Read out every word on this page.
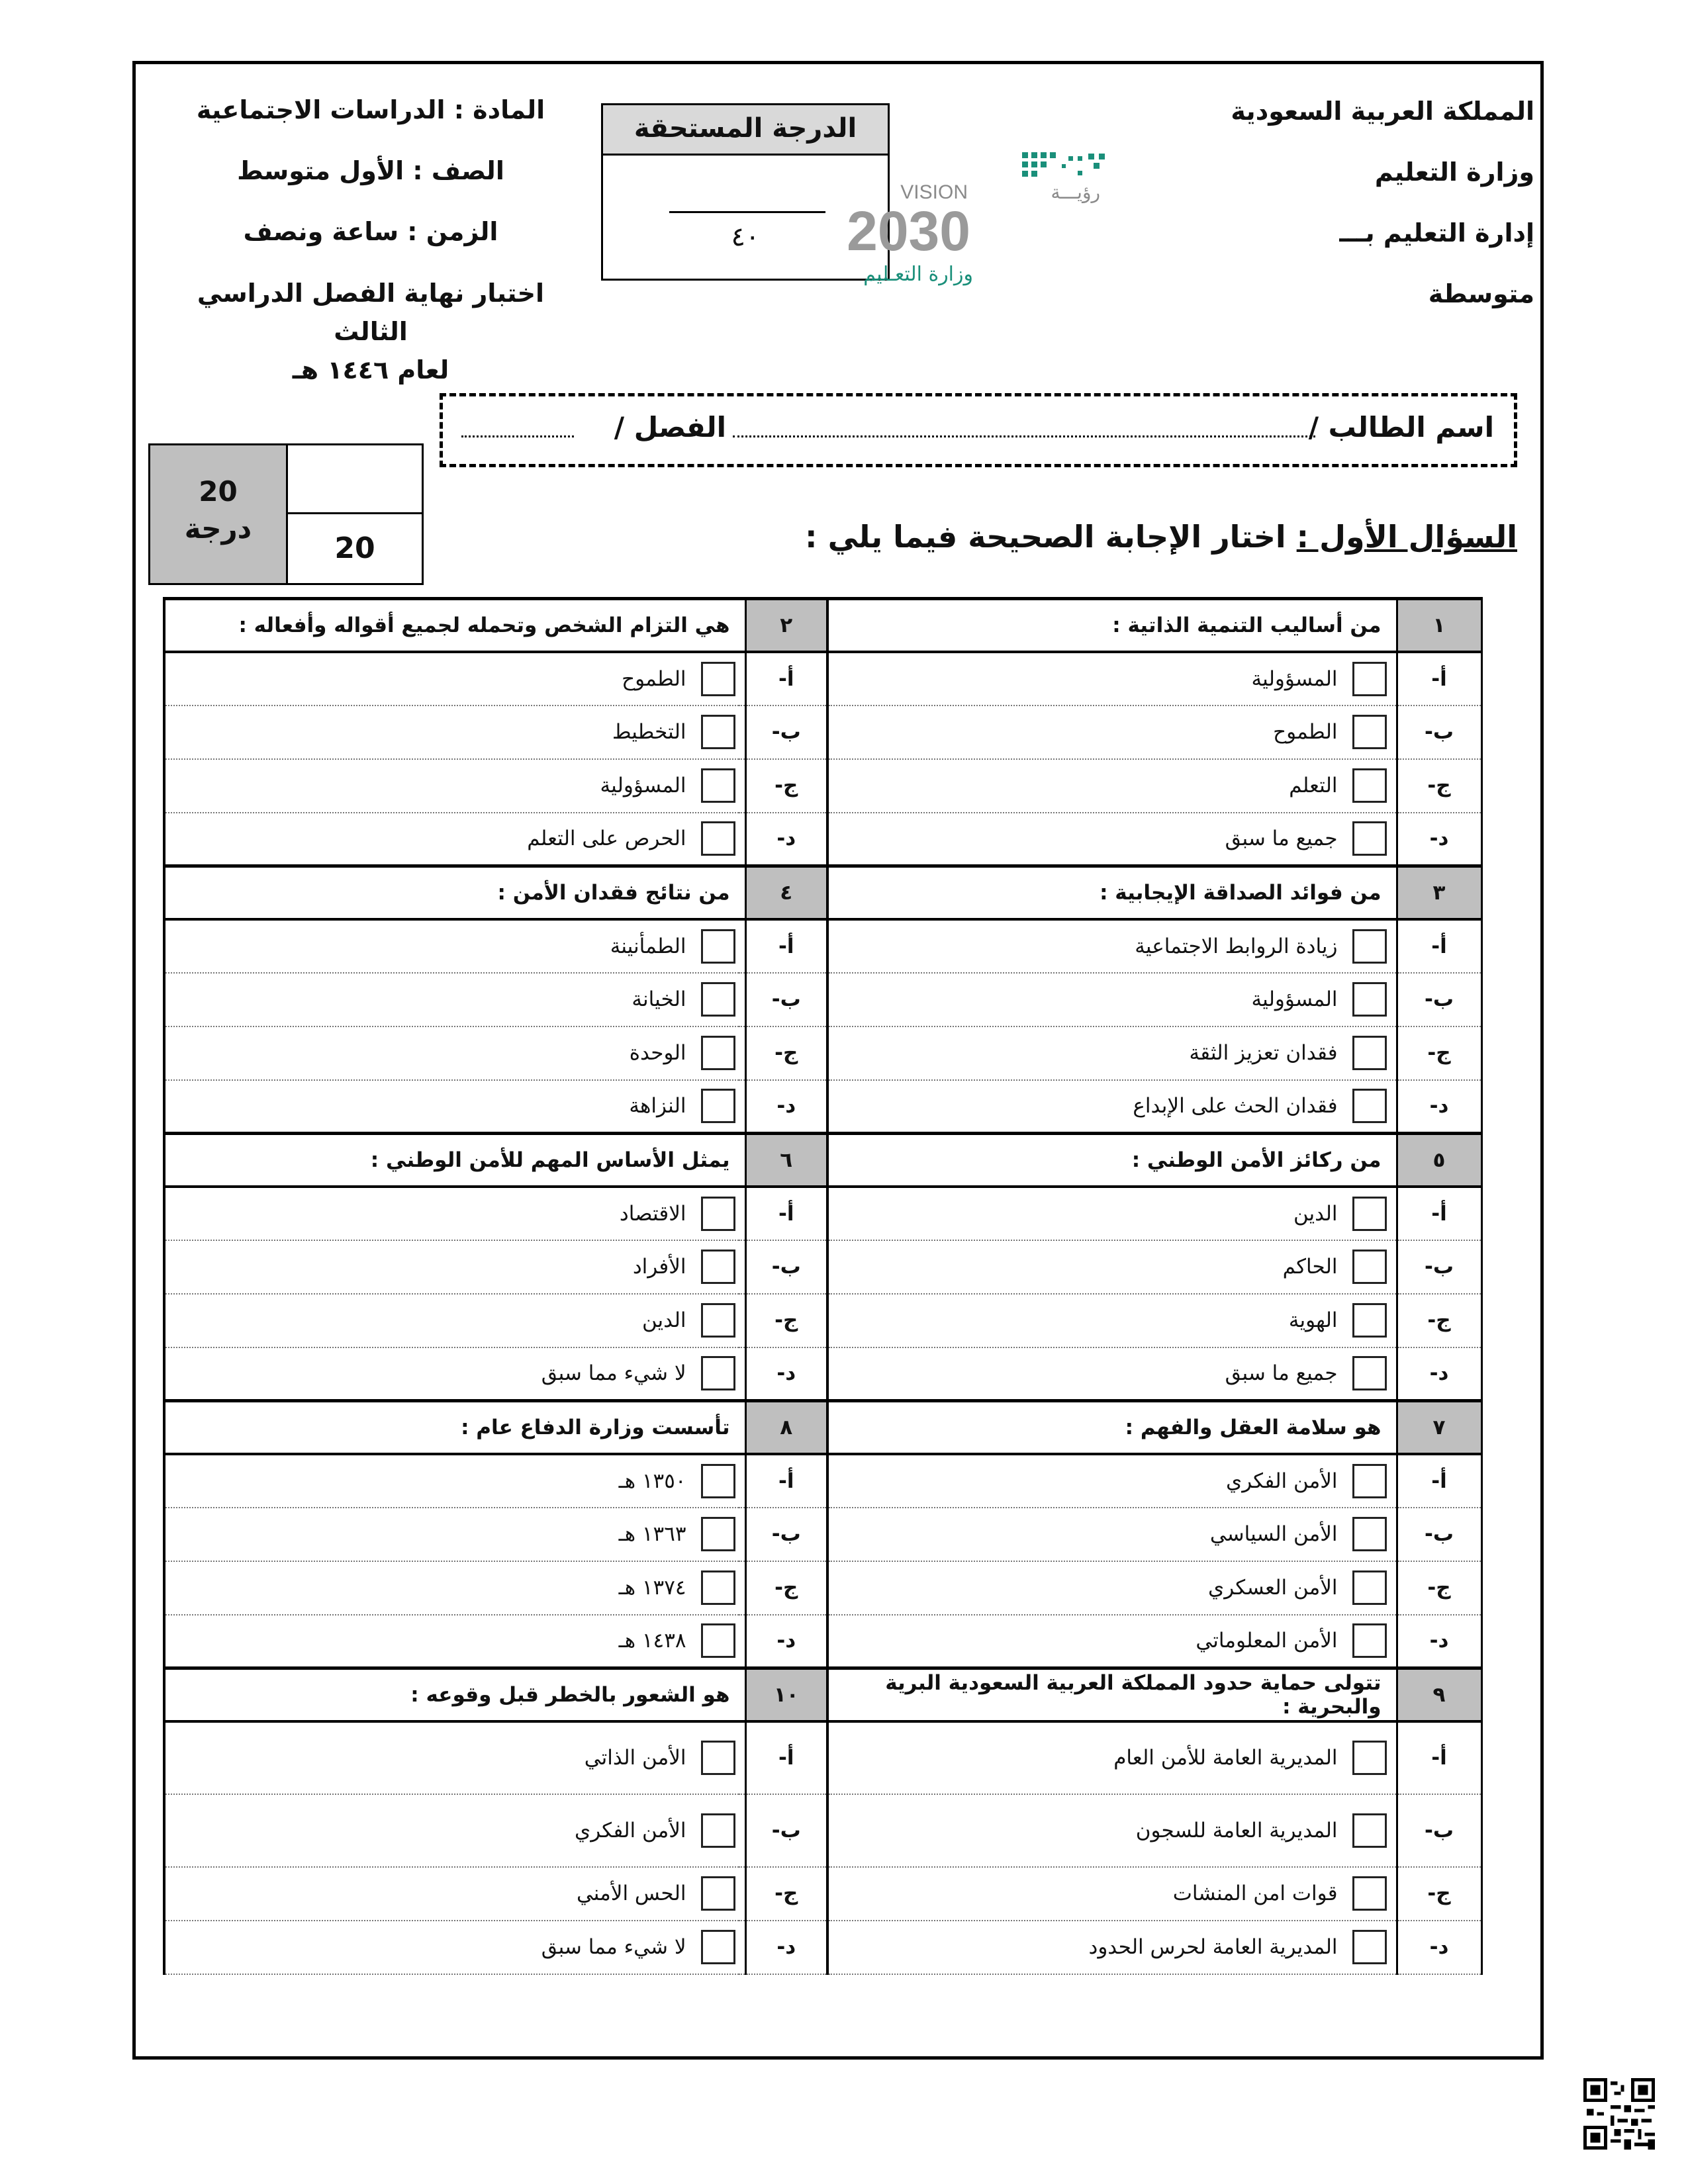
المملكة العربية السعودية
وزارة التعليم
إدارة التعليم بـــ
متوسطة
المادة : الدراسات الاجتماعية
الصف : الأول متوسط
الزمن : ساعة ونصف
اختبار نهاية الفصل الدراسي الثالث
لعام ١٤٤٦ هـ
الدرجة المستحقة
٤٠
VISION	رؤيـــة
2030
وزارة التعـليم
اسم الطالب /
الفصل /
20
درجة
20	السؤال الأول : اختار الإجابة الصحيحة فيما يلي :
١	من أساليب التنمية الذاتية :	٢	هي التزام الشخص وتحمله لجميع أقواله وأفعاله :
أ-	المسؤولية	أ-	الطموح

ب-	الطموح	ب-	التخطيط

ج-	التعلم	ج-	المسؤولية

د-	جميع ما سبق	د-	الحرص على التعلم

٣	من فوائد الصداقة الإيجابية :	٤	من نتائج فقدان الأمن :
أ-	زيادة الروابط الاجتماعية	أ-	الطمأنينة

ب-	المسؤولية	ب-	الخيانة

ج-	فقدان تعزيز الثقة	ج-	الوحدة

د-	فقدان الحث على الإبداع	د-	النزاهة

٥	من ركائز الأمن الوطني :	٦	يمثل الأساس المهم للأمن الوطني :
أ-	الدين	أ-	الاقتصاد

ب-	الحاكم	ب-	الأفراد

ج-	الهوية	ج-	الدين

د-	جميع ما سبق	د-	لا شيء مما سبق

٧	هو سلامة العقل والفهم :	٨	تأسست وزارة الدفاع عام :
أ-	الأمن الفكري	أ-	١٣٥٠ هـ

ب-	الأمن السياسي	ب-	١٣٦٣ هـ

ج-	الأمن العسكري	ج-	١٣٧٤ هـ

د-	الأمن المعلوماتي	د-	١٤٣٨ هـ

٩	تتولى حماية حدود المملكة العربية السعودية البرية والبحرية :	١٠	هو الشعور بالخطر قبل وقوعه :
أ-	المديرية العامة للأمن العام	أ-	الأمن الذاتي

ب-	المديرية العامة للسجون	ب-	الأمن الفكري

ج-	قوات امن المنشات	ج-	الحس الأمني

د-	المديرية العامة لحرس الحدود	د-	لا شيء مما سبق
